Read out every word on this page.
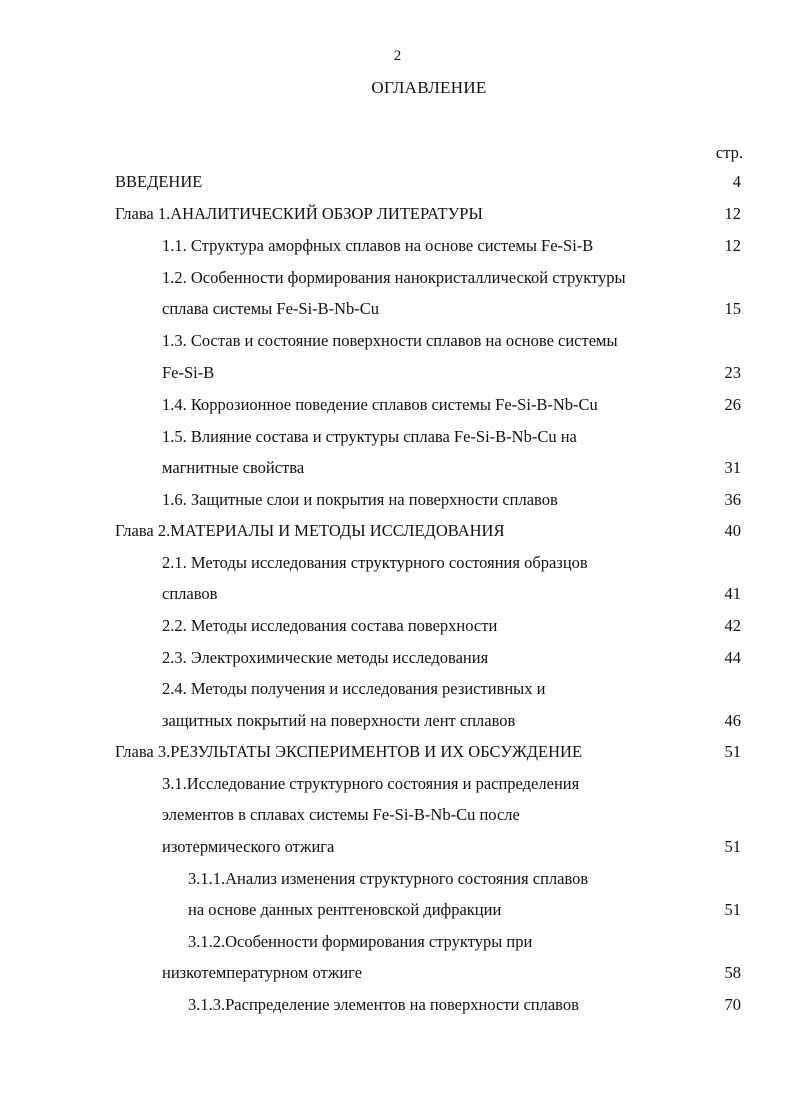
2
ОГЛАВЛЕНИЕ
стр.
ВВЕДЕНИЕ	4
Глава 1.АНАЛИТИЧЕСКИЙ ОБЗОР ЛИТЕРАТУРЫ	12
1.1. Структура аморфных сплавов на основе системы Fe-Si-B	12
1.2. Особенности формирования нанокристаллической структуры
сплава системы Fe-Si-B-Nb-Cu	15
1.3. Состав и состояние поверхности сплавов на основе системы
Fe-Si-B	23
1.4. Коррозионное поведение сплавов системы Fe-Si-B-Nb-Cu	26
1.5. Влияние состава и структуры сплава Fe-Si-B-Nb-Cu на
магнитные свойства	31
1.6. Защитные слои и покрытия на поверхности сплавов	36
Глава 2.МАТЕРИАЛЫ И МЕТОДЫ ИССЛЕДОВАНИЯ	40
2.1. Методы исследования структурного состояния образцов
сплавов	41
2.2. Методы исследования состава поверхности	42
2.3. Электрохимические методы исследования	44
2.4. Методы получения и исследования резистивных и
защитных покрытий на поверхности лент сплавов	46
Глава 3.РЕЗУЛЬТАТЫ ЭКСПЕРИМЕНТОВ И ИХ ОБСУЖДЕНИЕ	51
3.1.Исследование структурного состояния и распределения
элементов в сплавах системы Fe-Si-B-Nb-Cu после
изотермического отжига	51
3.1.1.Анализ изменения структурного состояния сплавов
на основе данных рентгеновской дифракции	51
3.1.2.Особенности формирования структуры при
низкотемпературном отжиге	58
3.1.3.Распределение элементов на поверхности сплавов	70
